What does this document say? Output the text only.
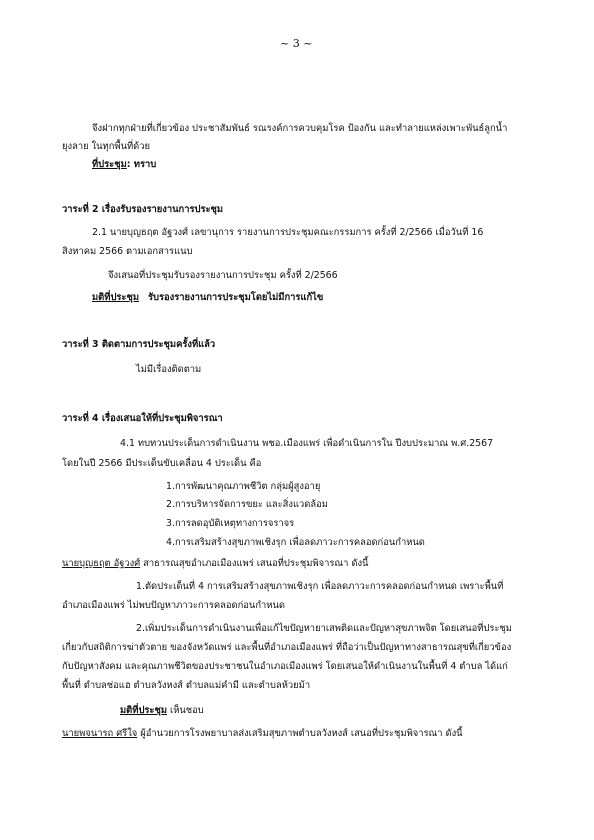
~ 3 ~
จึงฝากทุกฝ่ายที่เกี่ยวข้อง ประชาสัมพันธ์ รณรงค์การควบคุมโรค ป้องกัน และทำลายแหล่งเพาะพันธ์ลูกน้ำ
ยุงลาย ในทุกพื้นที่ด้วย
ที่ประชุม: ทราบ
วาระที่ 2 เรื่องรับรองรายงานการประชุม
2.1 นายบุญธฤต อัฐวงศ์ เลขานุการ รายงานการประชุมคณะกรรมการ ครั้งที่ 2/2566 เมื่อวันที่ 16
สิงหาคม 2566 ตามเอกสารแนบ
จึงเสนอที่ประชุมรับรองรายงานการประชุม ครั้งที่ 2/2566
มติที่ประชุม รับรองรายงานการประชุมโดยไม่มีการแก้ไข
วาระที่ 3 ติดตามการประชุมครั้งที่แล้ว
ไม่มีเรื่องติดตาม
วาระที่ 4 เรื่องเสนอให้ที่ประชุมพิจารณา
4.1 ทบทวนประเด็นการดำเนินงาน พชอ.เมืองแพร่ เพื่อดำเนินการใน ปีงบประมาณ พ.ศ.2567
โดยในปี 2566 มีประเด็นขับเคลื่อน 4 ประเด็น คือ
1.การพัฒนาคุณภาพชีวิต กลุ่มผู้สูงอายุ
2.การบริหารจัดการขยะ และสิ่งแวดล้อม
3.การลดอุบัติเหตุทางการจราจร
4.การเสริมสร้างสุขภาพเชิงรุก เพื่อลดภาวะการคลอดก่อนกำหนด
นายบุญธฤต อัฐวงศ์ สาธารณสุขอำเภอเมืองแพร่ เสนอที่ประชุมพิจารณา ดังนี้
1.ตัดประเด็นที่ 4 การเสริมสร้างสุขภาพเชิงรุก เพื่อลดภาวะการคลอดก่อนกำหนด เพราะพื้นที่
อำเภอเมืองแพร่ ไม่พบปัญหาภาวะการคลอดก่อนกำหนด
2.เพิ่มประเด็นการดำเนินงานเพื่อแก้ไขปัญหายาเสพติดและปัญหาสุขภาพจิต โดยเสนอที่ประชุม
เกี่ยวกับสถิติการฆ่าตัวตาย ของจังหวัดแพร่ และพื้นที่อำเภอเมืองแพร่ ที่ถือว่าเป็นปัญหาทางสาธารณสุขที่เกี่ยวข้อง
กับปัญหาสังคม และคุณภาพชีวิตของประชาชนในอำเภอเมืองแพร่ โดยเสนอให้ดำเนินงานในพื้นที่ 4 ตำบล ได้แก่
พื้นที่ ตำบลช่อแฮ ตำบลวังหงส์ ตำบลแม่คำมี และตำบลห้วยม้า
มติที่ประชุม เห็นชอบ
นายพจนารถ ศรีใจ ผู้อำนวยการโรงพยาบาลส่งเสริมสุขภาพตำบลวังหงส์ เสนอที่ประชุมพิจารณา ดังนี้
